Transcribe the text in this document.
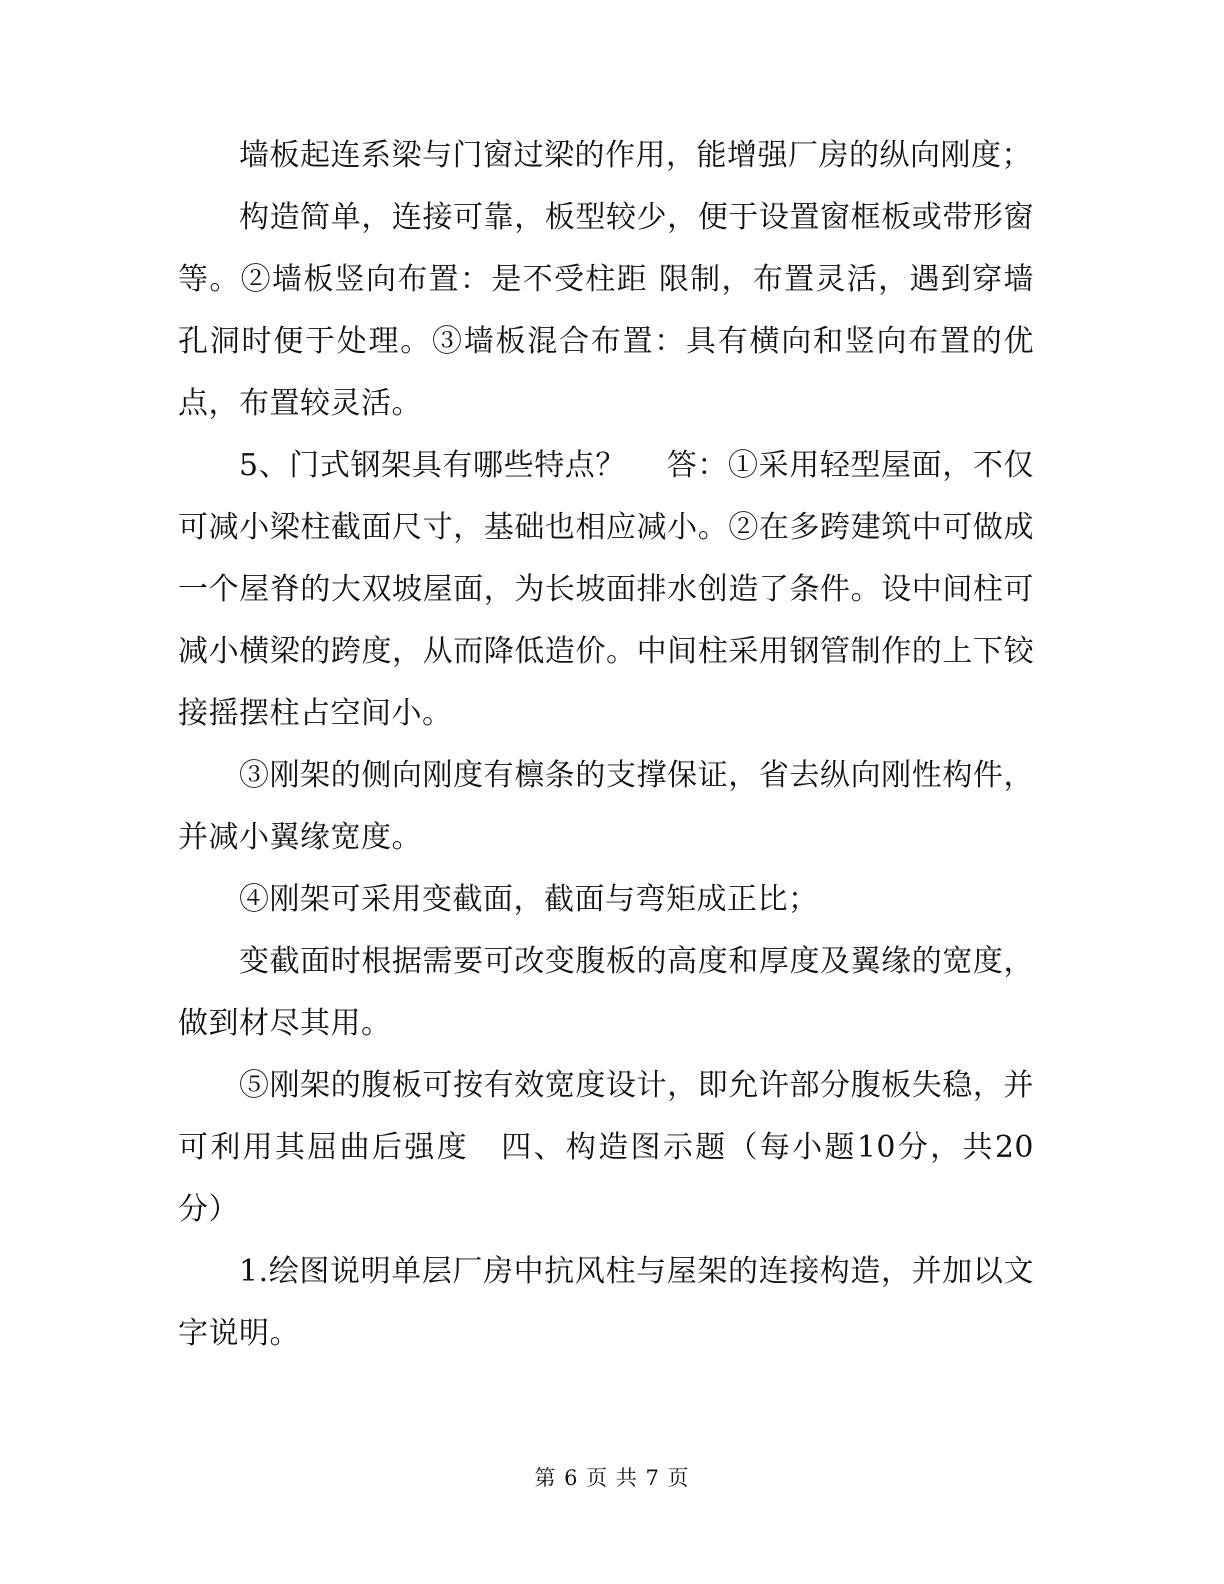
墙板起连系梁与门窗过梁的作用，能增强厂房的纵向刚度；

构造简单，连接可靠，板型较少，便于设置窗框板或带形窗等。②墙板竖向布置：是不受柱距 限制，布置灵活，遇到穿墙孔洞时便于处理。③墙板混合布置：具有横向和竖向布置的优点，布置较灵活。

5、门式钢架具有哪些特点？　 答：①采用轻型屋面，不仅可减小梁柱截面尺寸，基础也相应减小。②在多跨建筑中可做成一个屋脊的大双坡屋面，为长坡面排水创造了条件。设中间柱可减小横梁的跨度，从而降低造价。中间柱采用钢管制作的上下铰接摇摆柱占空间小。

③刚架的侧向刚度有檩条的支撑保证，省去纵向刚性构件，并减小翼缘宽度。

④刚架可采用变截面，截面与弯矩成正比；

变截面时根据需要可改变腹板的高度和厚度及翼缘的宽度，做到材尽其用。

⑤刚架的腹板可按有效宽度设计，即允许部分腹板失稳，并可利用其屈曲后强度　四、构造图示题（每小题10分，共20分）

1.绘图说明单层厂房中抗风柱与屋架的连接构造，并加以文字说明。

第 6 页 共 7 页
